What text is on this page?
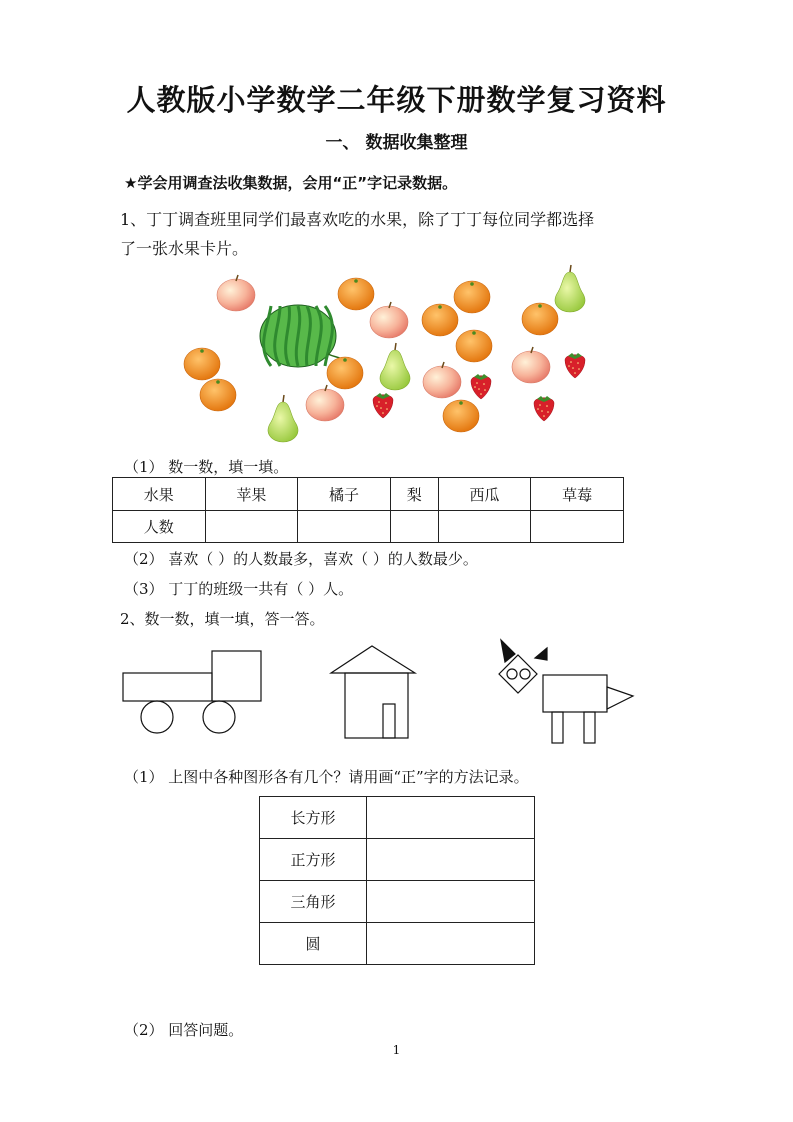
人教版小学数学二年级下册数学复习资料
一、 数据收集整理
★学会用调查法收集数据，会用“正”字记录数据。
1、丁丁调查班里同学们最喜欢吃的水果，除了丁丁每位同学都选择
了一张水果卡片。
（1） 数一数，填一填。
水果	苹果	橘子	梨	西瓜	草莓
人数					
（2） 喜欢（ ）的人数最多，喜欢（ ）的人数最少。
（3） 丁丁的班级一共有（ ）人。
2、数一数，填一填，答一答。
（1） 上图中各种图形各有几个？请用画“正”字的方法记录。
长方形	
正方形	
三角形	
圆	
（2） 回答问题。
1
